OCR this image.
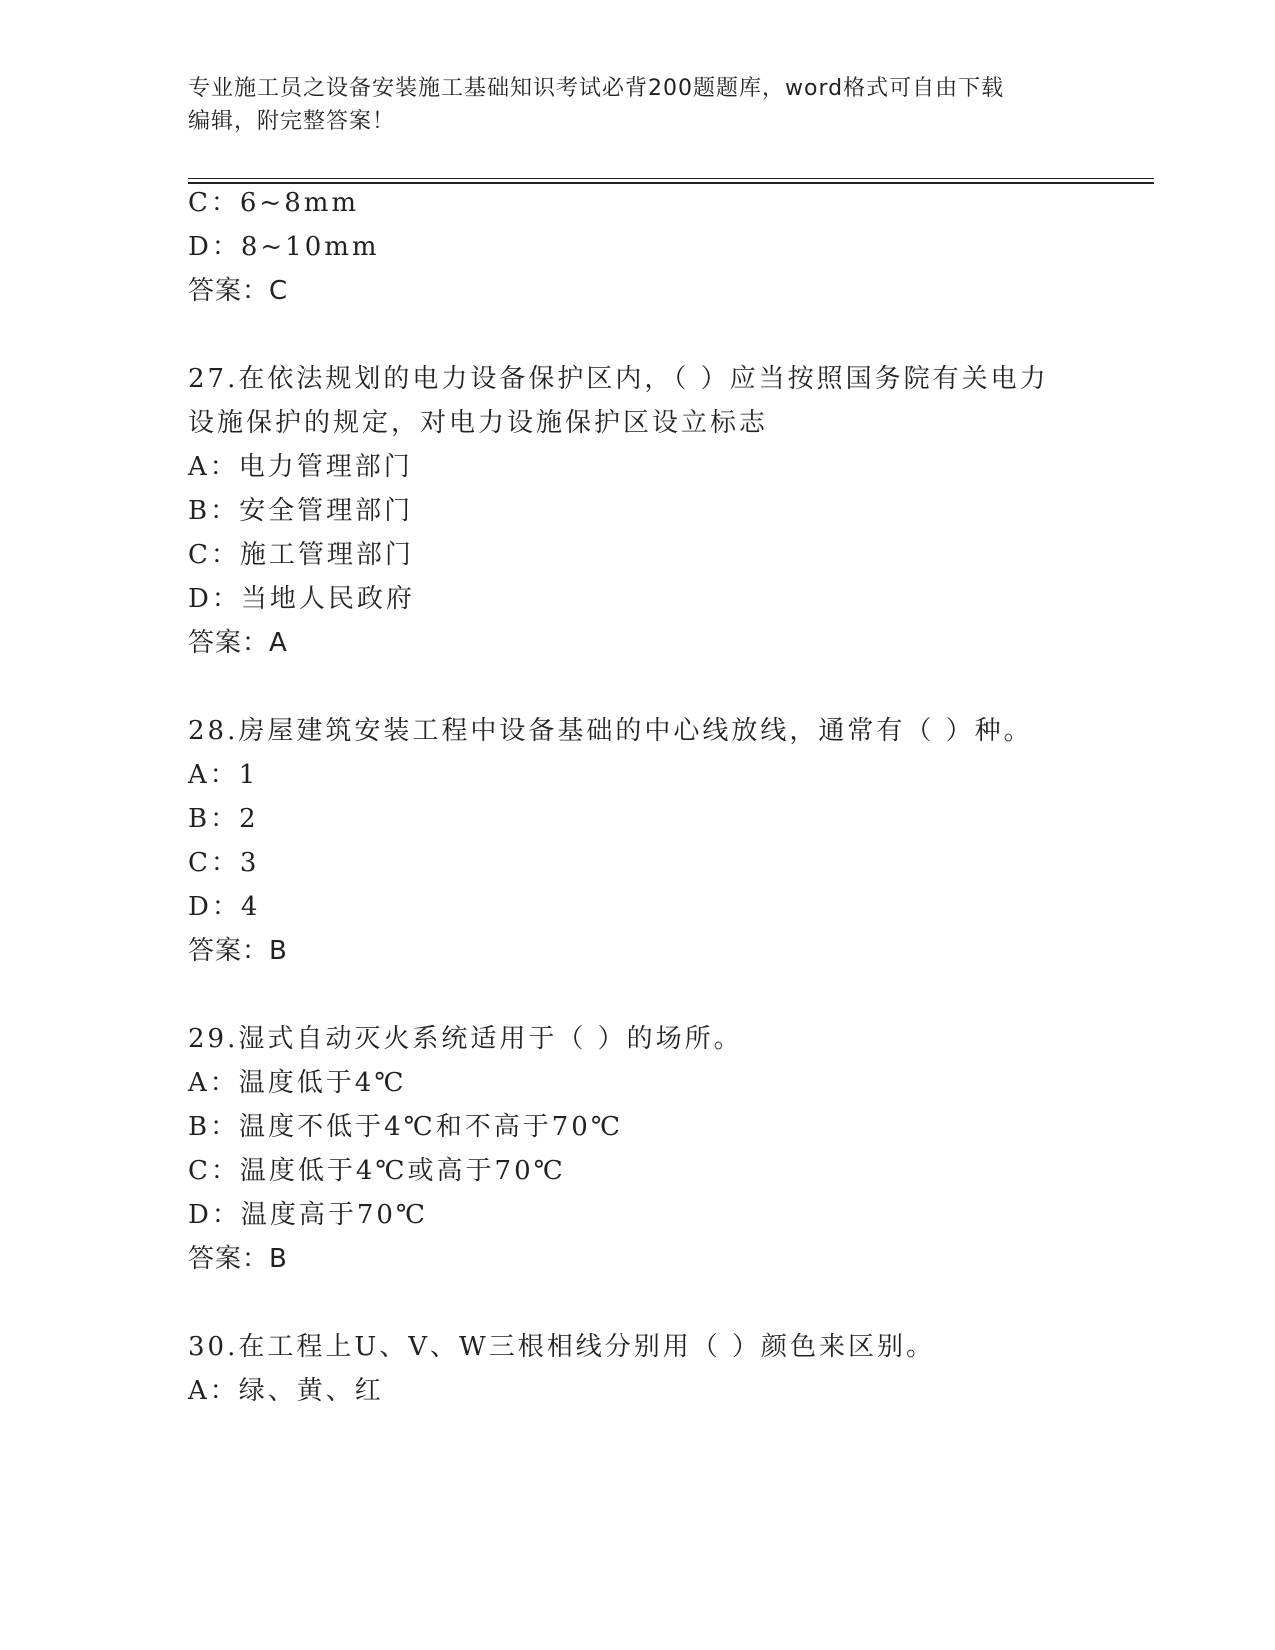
专业施工员之设备安装施工基础知识考试必背200题题库，word格式可自由下载
编辑，附完整答案！
C：6~8mm
D：8~10mm
答案：C
27.在依法规划的电力设备保护区内，（ ）应当按照国务院有关电力
设施保护的规定，对电力设施保护区设立标志
A：电力管理部门
B：安全管理部门
C：施工管理部门
D：当地人民政府
答案：A
28.房屋建筑安装工程中设备基础的中心线放线，通常有（ ）种。
A：1
B：2
C：3
D：4
答案：B
29.湿式自动灭火系统适用于（ ）的场所。
A：温度低于4℃
B：温度不低于4℃和不高于70℃
C：温度低于4℃或高于70℃
D：温度高于70℃
答案：B
30.在工程上U、V、W三根相线分别用（ ）颜色来区别。
A：绿、黄、红
